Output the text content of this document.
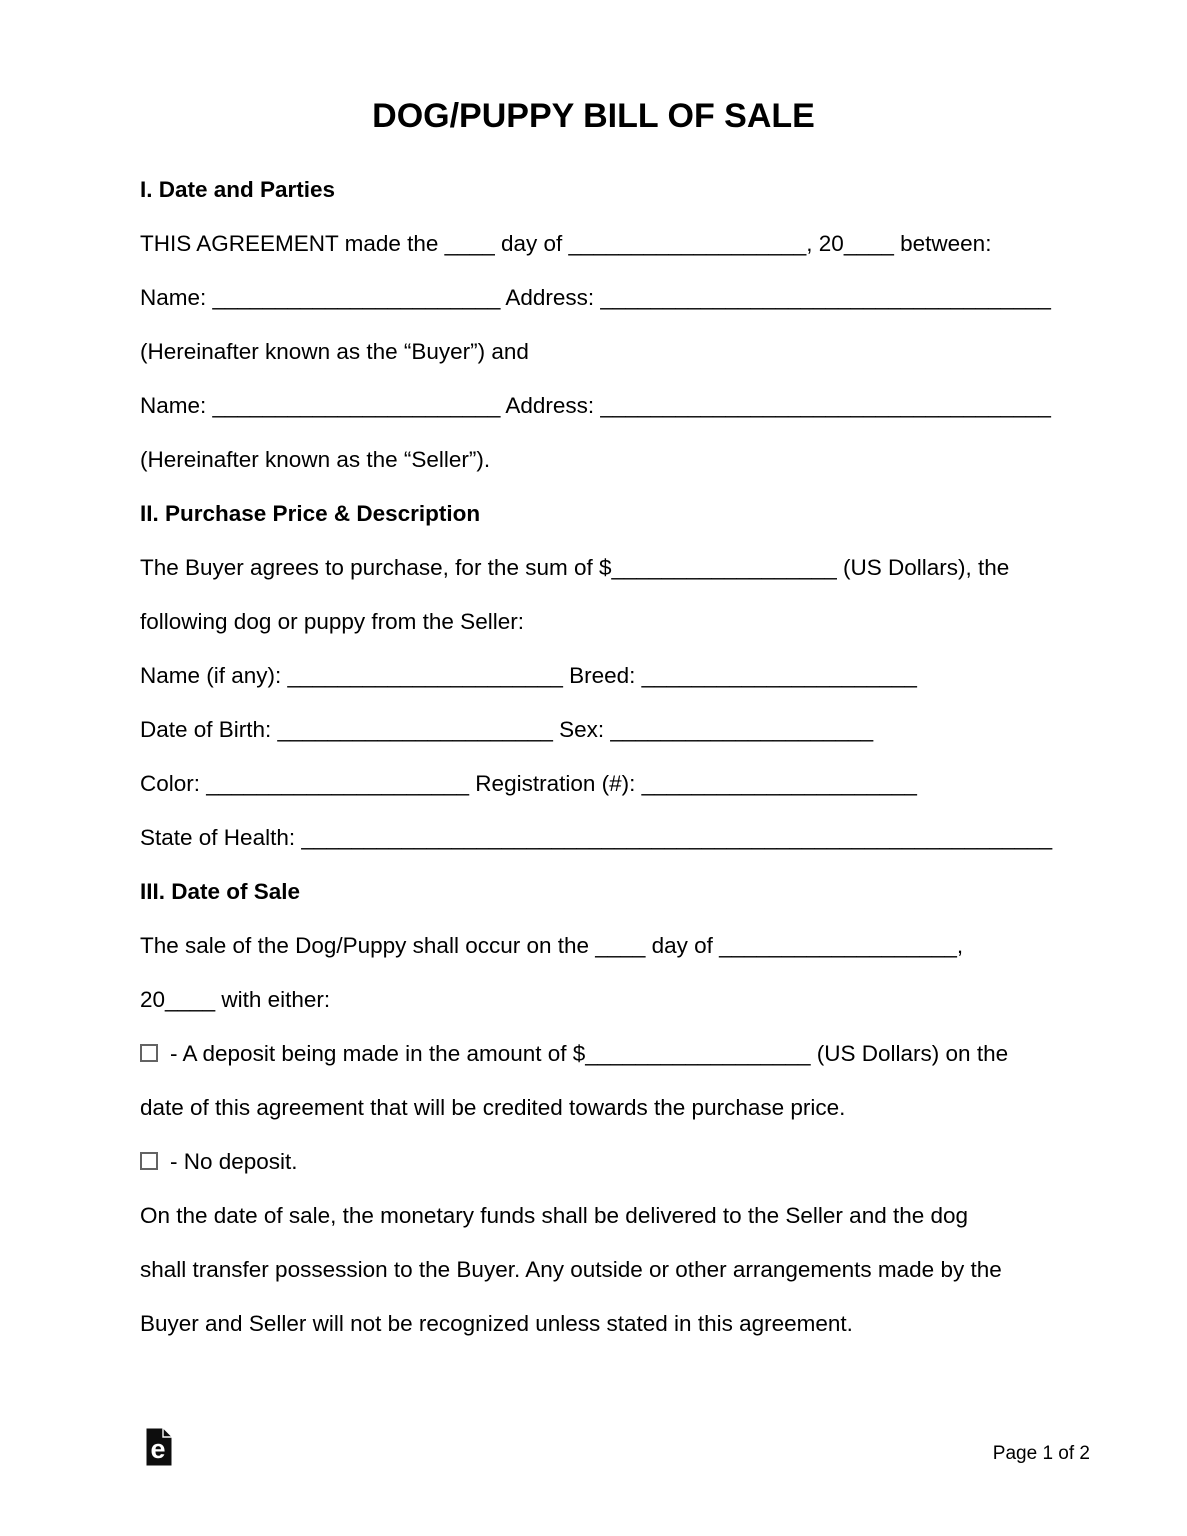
DOG/PUPPY BILL OF SALE
I. Date and Parties
THIS AGREEMENT made the ____ day of ___________________, 20____ between:
Name: _______________________ Address: ____________________________________
(Hereinafter known as the “Buyer”) and
Name: _______________________ Address: ____________________________________
(Hereinafter known as the “Seller”).
II. Purchase Price & Description
The Buyer agrees to purchase, for the sum of $__________________ (US Dollars), the
following dog or puppy from the Seller:
Name (if any): ______________________ Breed: ______________________
Date of Birth: ______________________ Sex: _____________________
Color: _____________________ Registration (#): ______________________
State of Health: ____________________________________________________________
III. Date of Sale
The sale of the Dog/Puppy shall occur on the ____ day of ___________________,
20____ with either:
- A deposit being made in the amount of $__________________ (US Dollars) on the
date of this agreement that will be credited towards the purchase price.
- No deposit.
On the date of sale, the monetary funds shall be delivered to the Seller and the dog
shall transfer possession to the Buyer. Any outside or other arrangements made by the
Buyer and Seller will not be recognized unless stated in this agreement.
e	Page 1 of 2
